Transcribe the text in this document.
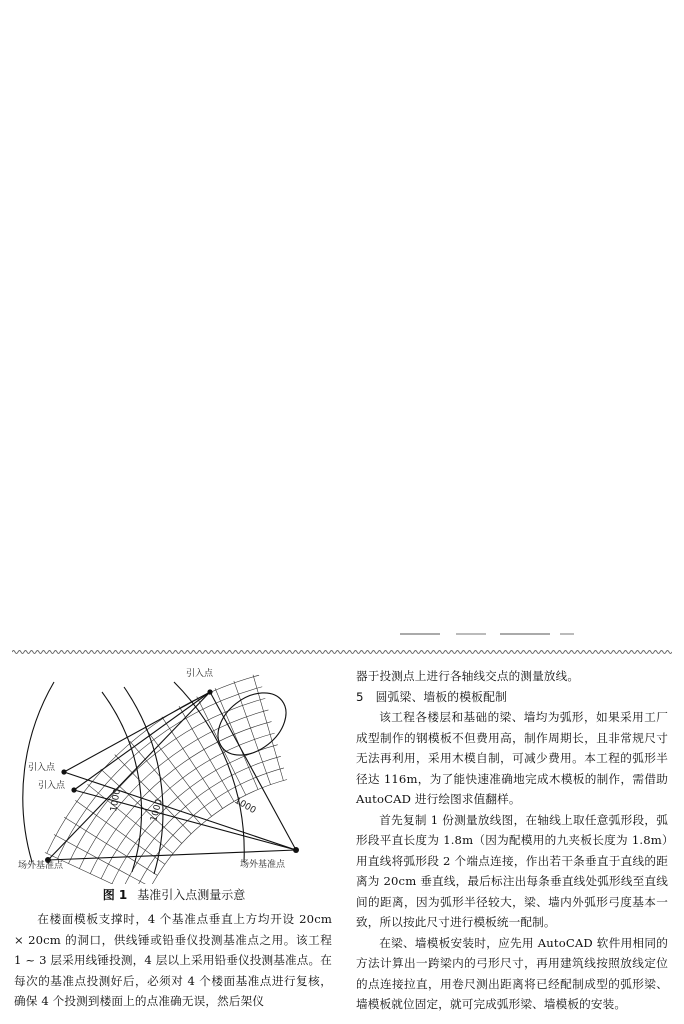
引入点
引入点
引入点
场外基准点	场外基准点
1000	1000	1000
图 1 基准引入点测量示意

在楼面模板支撑时，4 个基准点垂直上方均开设 20cm × 20cm 的洞口，供线锤或铅垂仪投测基准点之用。该工程 1 ~ 3 层采用线锤投测，4 层以上采用铅垂仪投测基准点。在每次的基准点投测好后，必须对 4 个楼面基准点进行复核，确保 4 个投测到楼面上的点准确无误，然后架仪

器于投测点上进行各轴线交点的测量放线。

5　圆弧梁、墙板的模板配制

该工程各楼层和基础的梁、墙均为弧形，如果采用工厂成型制作的钢模板不但费用高，制作周期长，且非常规尺寸无法再利用，采用木模自制，可减少费用。本工程的弧形半径达 116m，为了能快速准确地完成木模板的制作，需借助 AutoCAD 进行绘图求值翻样。

首先复制 1 份测量放线图，在轴线上取任意弧形段，弧形段平直长度为 1.8m（因为配模用的九夹板长度为 1.8m）用直线将弧形段 2 个端点连接，作出若干条垂直于直线的距离为 20cm 垂直线，最后标注出每条垂直线处弧形线至直线间的距离，因为弧形半径较大，梁、墙内外弧形弓度基本一致，所以按此尺寸进行模板统一配制。

在梁、墙模板安装时，应先用 AutoCAD 软件用相同的方法计算出一跨梁内的弓形尺寸，再用建筑线按照放线定位的点连接拉直，用卷尺测出距离将已经配制成型的弧形梁、墙模板就位固定，就可完成弧形梁、墙模板的安装。
